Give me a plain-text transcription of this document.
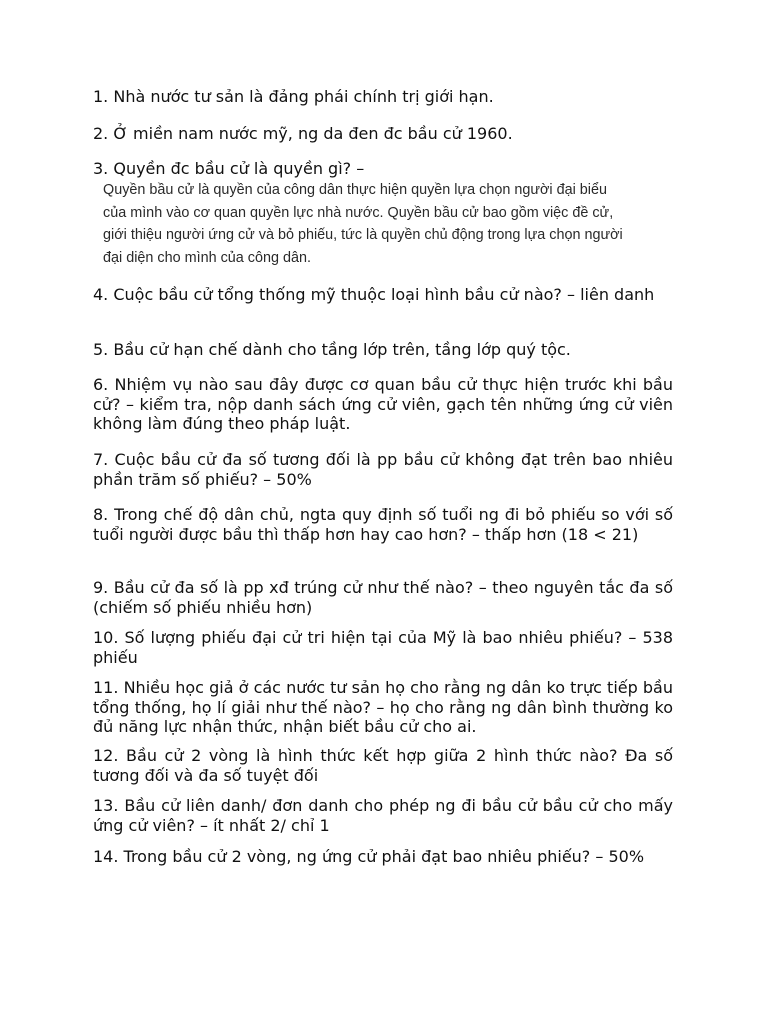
1. Nhà nước tư sản là đảng phái chính trị giới hạn.

2. Ở miền nam nước mỹ, ng da đen đc bầu cử 1960.

3. Quyền đc bầu cử là quyền gì? –

Quyền bầu cử là quyền của công dân thực hiện quyền lựa chọn người đại biểu của mình vào cơ quan quyền lực nhà nước. Quyền bầu cử bao gồm việc đề cử, giới thiệu người ứng cử và bỏ phiếu, tức là quyền chủ động trong lựa chọn người đại diện cho mình của công dân.

4. Cuộc bầu cử tổng thống mỹ thuộc loại hình bầu cử nào? – liên danh

5. Bầu cử hạn chế dành cho tầng lớp trên, tầng lớp quý tộc.

6. Nhiệm vụ nào sau đây được cơ quan bầu cử thực hiện trước khi bầu cử? – kiểm tra, nộp danh sách ứng cử viên, gạch tên những ứng cử viên không làm đúng theo pháp luật.

7. Cuộc bầu cử đa số tương đối là pp bầu cử không đạt trên bao nhiêu phần trăm số phiếu? – 50%

8. Trong chế độ dân chủ, ngta quy định số tuổi ng đi bỏ phiếu so với số tuổi người được bầu thì thấp hơn hay cao hơn? – thấp hơn (18 < 21)

9. Bầu cử đa số là pp xđ trúng cử như thế nào? – theo nguyên tắc đa số (chiếm số phiếu nhiều hơn)

10. Số lượng phiếu đại cử tri hiện tại của Mỹ là bao nhiêu phiếu? – 538 phiếu

11. Nhiều học giả ở các nước tư sản họ cho rằng ng dân ko trực tiếp bầu tổng thống, họ lí giải như thế nào? – họ cho rằng ng dân bình thường ko đủ năng lực nhận thức, nhận biết bầu cử cho ai.

12. Bầu cử 2 vòng là hình thức kết hợp giữa 2 hình thức nào? Đa số tương đối và đa số tuyệt đối

13. Bầu cử liên danh/ đơn danh cho phép ng đi bầu cử bầu cử cho mấy ứng cử viên? – ít nhất 2/ chỉ 1

14. Trong bầu cử 2 vòng, ng ứng cử phải đạt bao nhiêu phiếu? – 50%
